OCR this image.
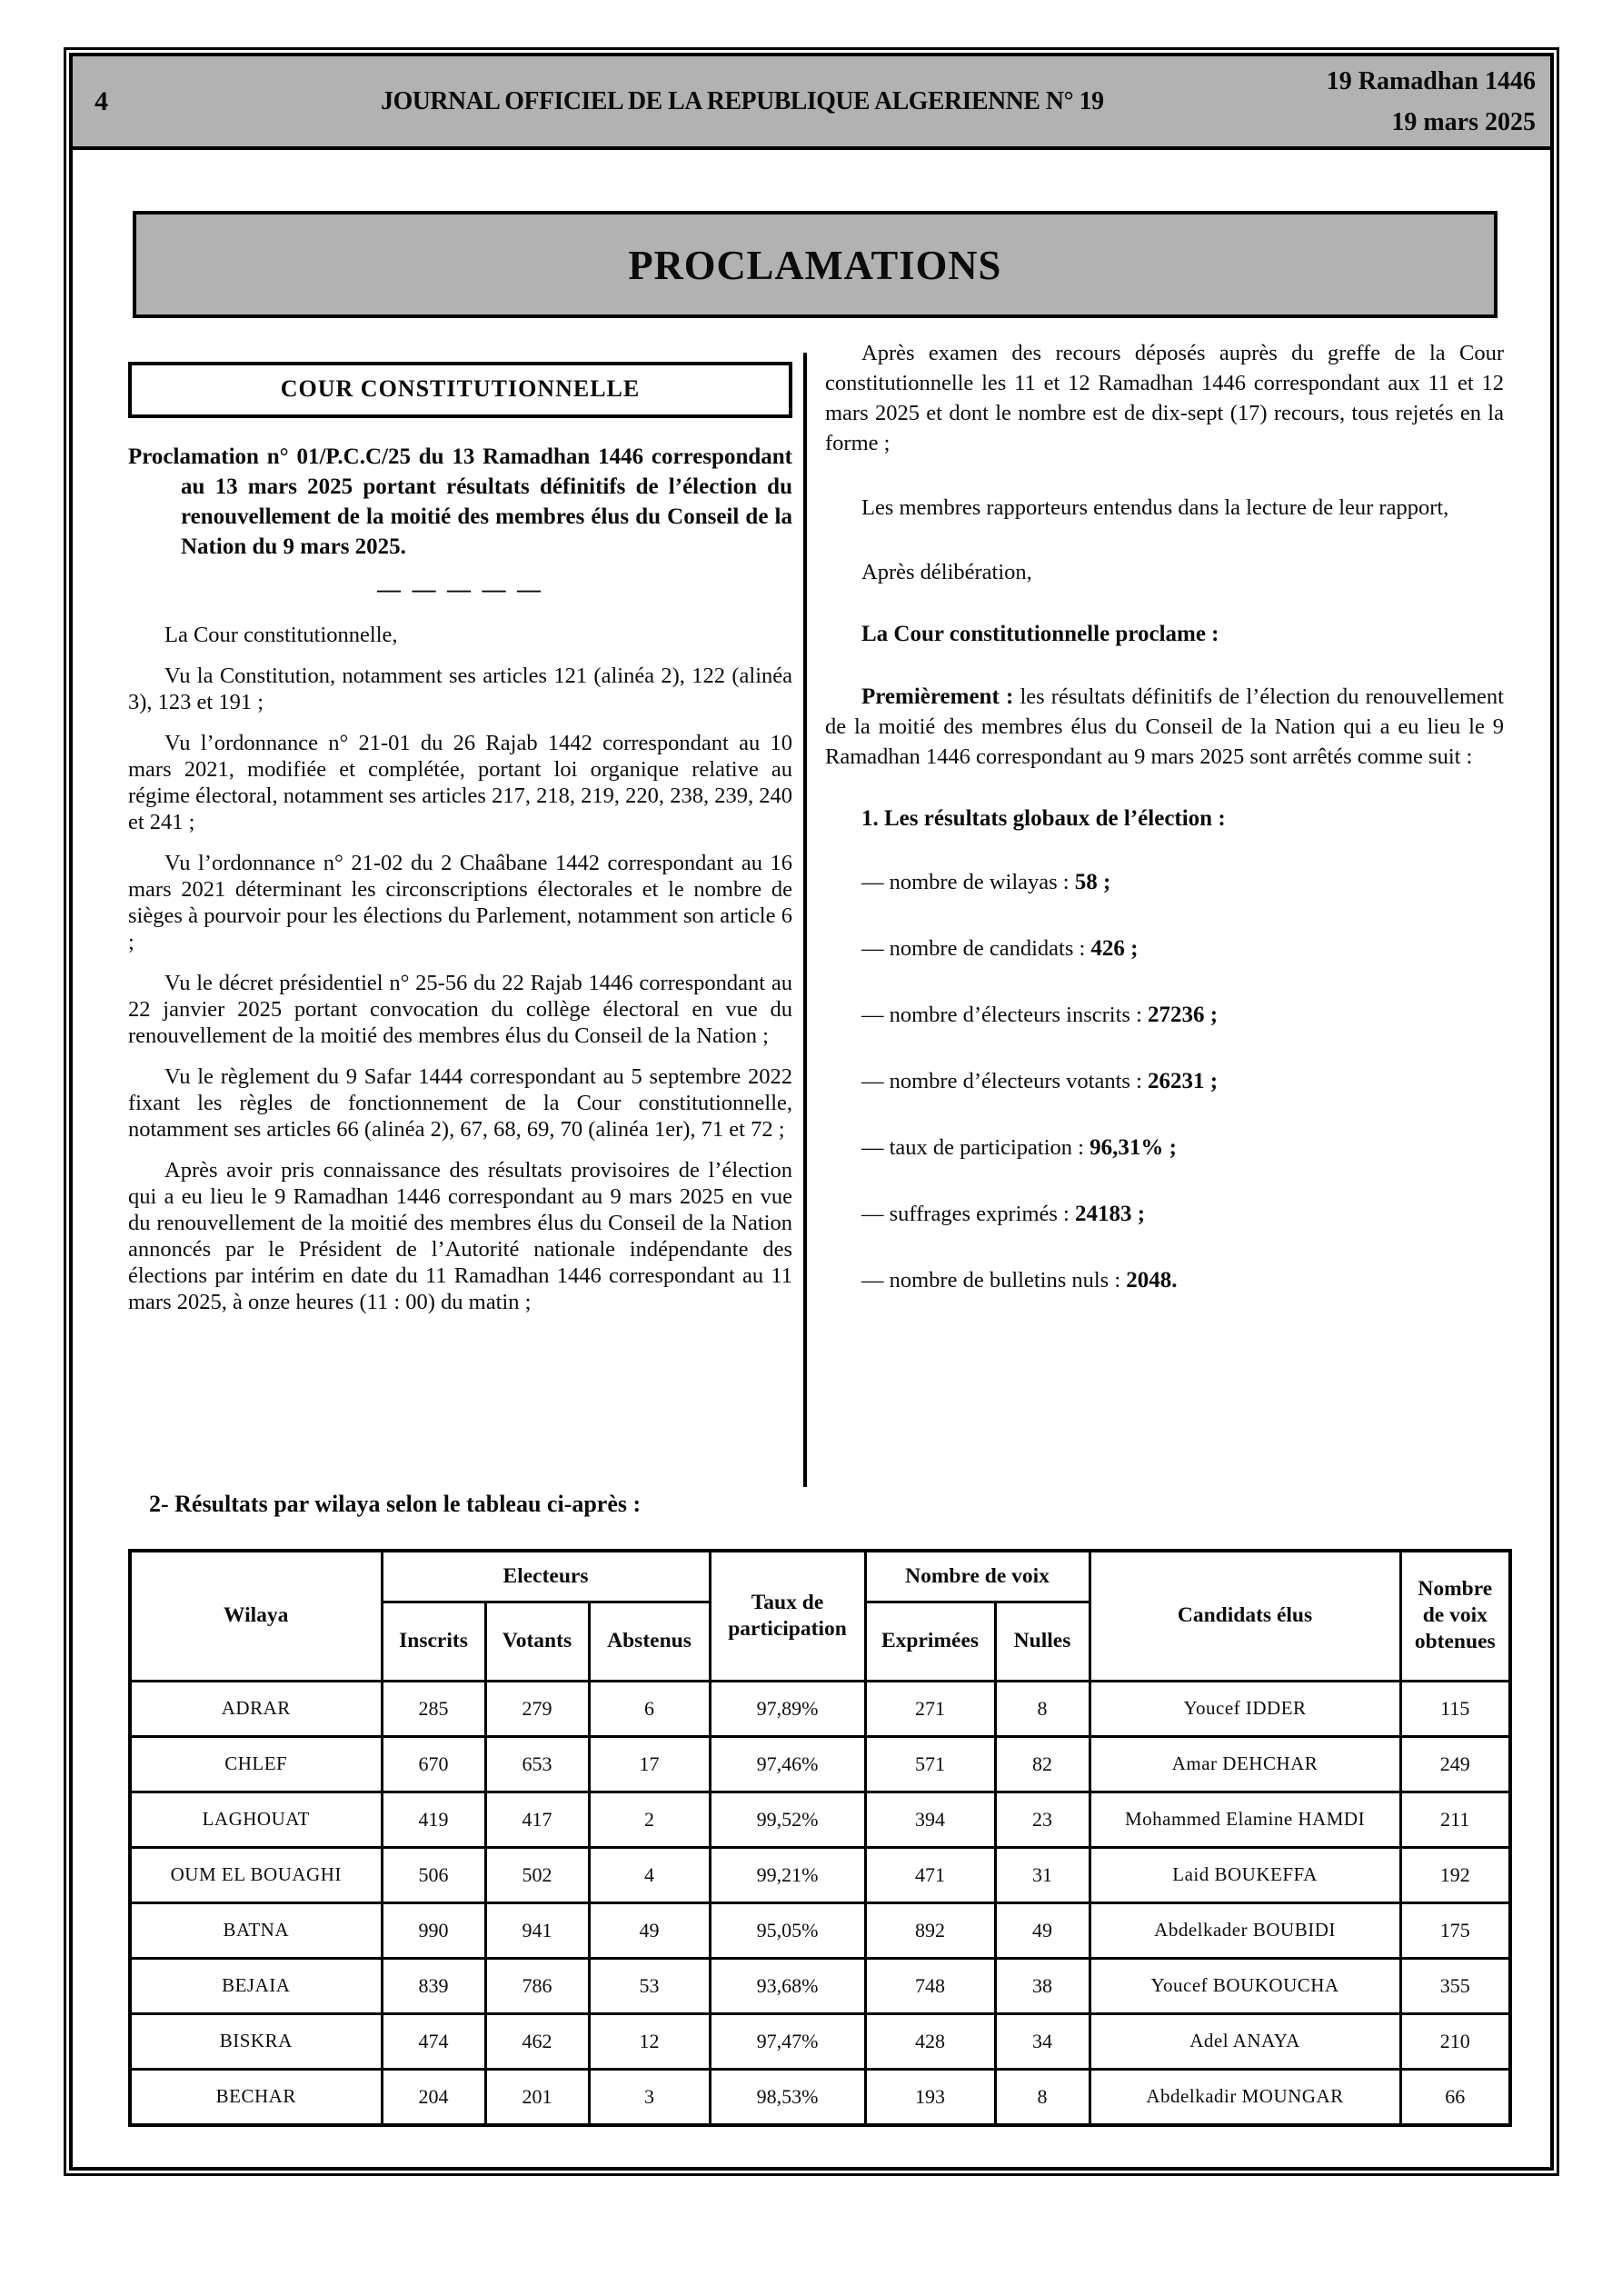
4	JOURNAL OFFICIEL DE LA REPUBLIQUE ALGERIENNE N° 19
19 Ramadhan 1446
19 mars 2025
PROCLAMATIONS
COUR CONSTITUTIONNELLE
Proclamation n° 01/P.C.C/25 du 13 Ramadhan 1446 correspondant au 13 mars 2025 portant résultats définitifs de l’élection du renouvellement de la moitié des membres élus du Conseil de la Nation du 9 mars 2025.
— — — — —
La Cour constitutionnelle,
Vu la Constitution, notamment ses articles 121 (alinéa 2), 122 (alinéa 3), 123 et 191 ;
Vu l’ordonnance n° 21-01 du 26 Rajab 1442 correspondant au 10 mars 2021, modifiée et complétée, portant loi organique relative au régime électoral, notamment ses articles 217, 218, 219, 220, 238, 239, 240 et 241 ;
Vu l’ordonnance n° 21-02 du 2 Chaâbane 1442 correspondant au 16 mars 2021 déterminant les circonscriptions électorales et le nombre de sièges à pourvoir pour les élections du Parlement, notamment son article 6 ;
Vu le décret présidentiel n° 25-56 du 22 Rajab 1446 correspondant au 22 janvier 2025 portant convocation du collège électoral en vue du renouvellement de la moitié des membres élus du Conseil de la Nation ;
Vu le règlement du 9 Safar 1444 correspondant au 5 septembre 2022 fixant les règles de fonctionnement de la Cour constitutionnelle, notamment ses articles 66 (alinéa 2), 67, 68, 69, 70 (alinéa 1er), 71 et 72 ;
Après avoir pris connaissance des résultats provisoires de l’élection qui a eu lieu le 9 Ramadhan 1446 correspondant au 9 mars 2025 en vue du renouvellement de la moitié des membres élus du Conseil de la Nation annoncés par le Président de l’Autorité nationale indépendante des élections par intérim en date du 11 Ramadhan 1446 correspondant au 11 mars 2025, à onze heures (11 : 00) du matin ;
Après examen des recours déposés auprès du greffe de la Cour constitutionnelle les 11 et 12 Ramadhan 1446 correspondant aux 11 et 12 mars 2025 et dont le nombre est de dix-sept (17) recours, tous rejetés en la forme ;
Les membres rapporteurs entendus dans la lecture de leur rapport,
Après délibération,
La Cour constitutionnelle proclame :
Premièrement : les résultats définitifs de l’élection du renouvellement de la moitié des membres élus du Conseil de la Nation qui a eu lieu le 9 Ramadhan 1446 correspondant au 9 mars 2025 sont arrêtés comme suit :
1. Les résultats globaux de l’élection :
— nombre de wilayas : 58 ;
— nombre de candidats : 426 ;
— nombre d’électeurs inscrits : 27236 ;
— nombre d’électeurs votants : 26231 ;
— taux de participation : 96,31% ;
— suffrages exprimés : 24183 ;
— nombre de bulletins nuls : 2048.
2- Résultats par wilaya selon le tableau ci-après :
Wilaya	Electeurs			Taux de participation	Nombre de voix		Candidats élus	Nombre de voix obtenues
	Inscrits	Votants	Abstenus		Exprimées	Nulles		
ADRAR	285	279	6	97,89%	271	8	Youcef IDDER	115
CHLEF	670	653	17	97,46%	571	82	Amar DEHCHAR	249
LAGHOUAT	419	417	2	99,52%	394	23	Mohammed Elamine HAMDI	211
OUM EL BOUAGHI	506	502	4	99,21%	471	31	Laid BOUKEFFA	192
BATNA	990	941	49	95,05%	892	49	Abdelkader BOUBIDI	175
BEJAIA	839	786	53	93,68%	748	38	Youcef BOUKOUCHA	355
BISKRA	474	462	12	97,47%	428	34	Adel ANAYA	210
BECHAR	204	201	3	98,53%	193	8	Abdelkadir MOUNGAR	66
